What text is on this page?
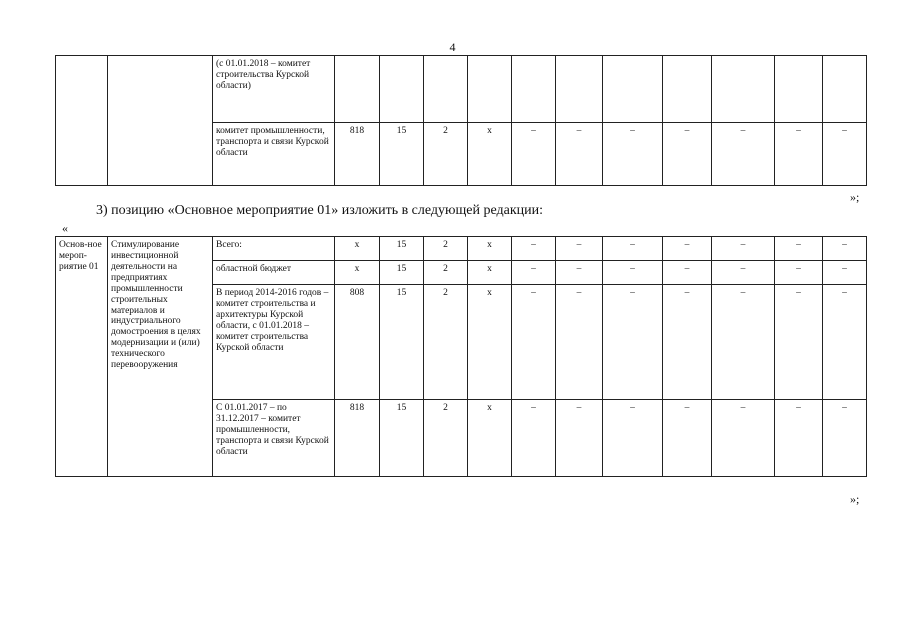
4
		(с 01.01.2018 – комитет строительства Курской области)											
		комитет промышленности, транспорта и связи Курской области	818	15	2	x	–	–	–	–	–	–	–
»;
3) позицию «Основное мероприятие 01» изложить в следующей редакции:
«
Основ-ное мероп-риятие 01	Стимулирование инвестиционной деятельности на предприятиях промышленности строительных материалов и индустриального домостроения в целях модернизации и (или) технического перевооружения	Всего:	x	15	2	x	–	–	–	–	–	–	–
		областной бюджет	x	15	2	x	–	–	–	–	–	–	–
		В период 2014-2016 годов – комитет строительства и архитектуры Курской области, с 01.01.2018 – комитет строительства Курской области	808	15	2	x	–	–	–	–	–	–	–
		С 01.01.2017 – по 31.12.2017 – комитет промышленности, транспорта и связи Курской области	818	15	2	x	–	–	–	–	–	–	–
»;
